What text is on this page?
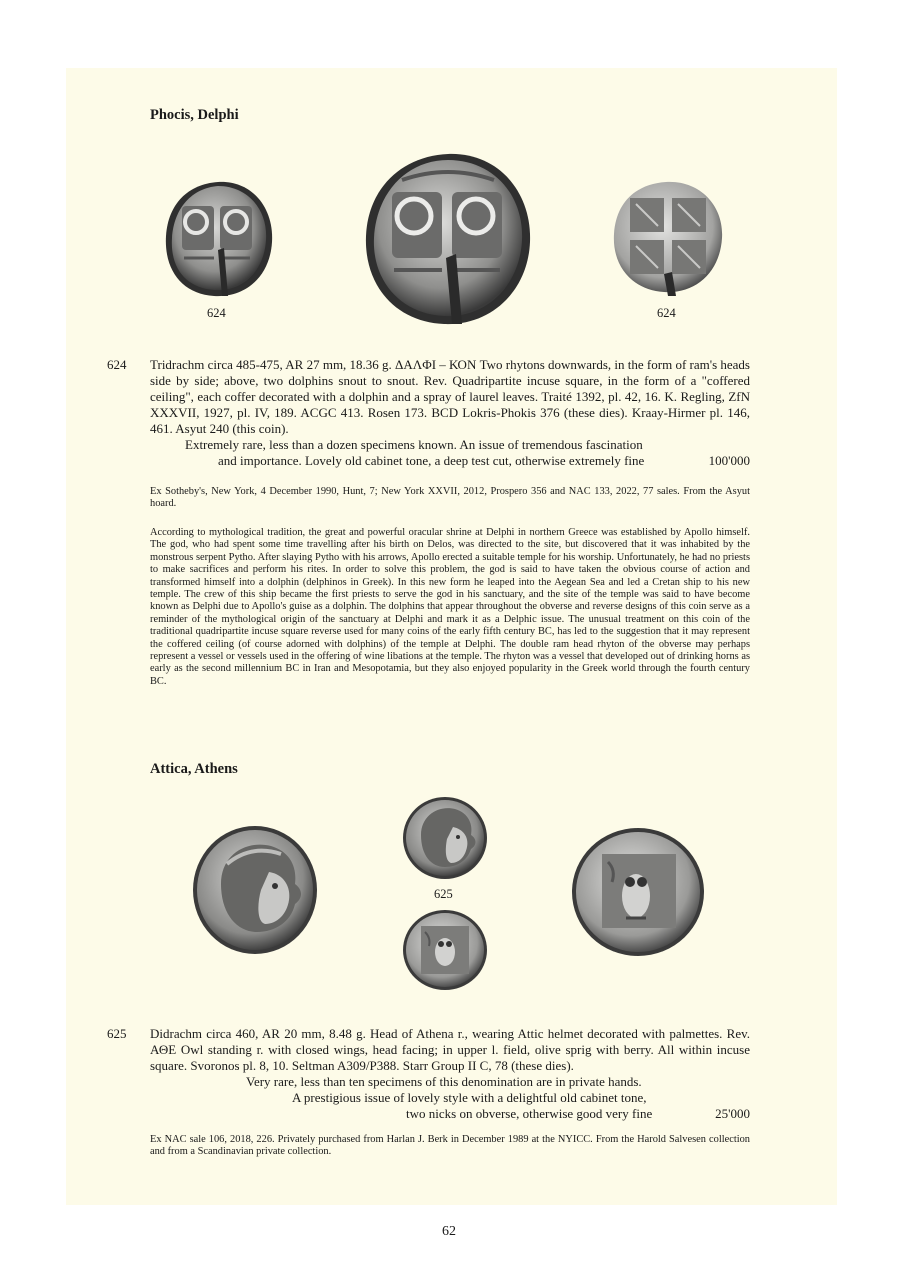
Phocis, Delphi
624	624
624 Tridrachm circa 485-475, AR 27 mm, 18.36 g. ΔΑΛΦΙ – ΚΟΝ Two rhytons downwards, in the form of ram's heads side by side; above, two dolphins snout to snout. Rev. Quadripartite incuse square, in the form of a "coffered ceiling", each coffer decorated with a dolphin and a spray of laurel leaves. Traité 1392, pl. 42, 16. K. Regling, ZfN XXXVII, 1927, pl. IV, 189. ACGC 413. Rosen 173. BCD Lokris-Phokis 376 (these dies). Kraay-Hirmer pl. 146, 461. Asyut 240 (this coin).
Extremely rare, less than a dozen specimens known. An issue of tremendous fascination
and importance. Lovely old cabinet tone, a deep test cut, otherwise extremely fine	100'000
Ex Sotheby's, New York, 4 December 1990, Hunt, 7; New York XXVII, 2012, Prospero 356 and NAC 133, 2022, 77 sales. From the Asyut hoard.
According to mythological tradition, the great and powerful oracular shrine at Delphi in northern Greece was established by Apollo himself. The god, who had spent some time travelling after his birth on Delos, was directed to the site, but discovered that it was inhabited by the monstrous serpent Pytho. After slaying Pytho with his arrows, Apollo erected a suitable temple for his worship. Unfortunately, he had no priests to make sacrifices and perform his rites. In order to solve this problem, the god is said to have taken the obvious course of action and transformed himself into a dolphin (delphinos in Greek). In this new form he leaped into the Aegean Sea and led a Cretan ship to his new temple. The crew of this ship became the first priests to serve the god in his sanctuary, and the site of the temple was said to have become known as Delphi due to Apollo's guise as a dolphin. The dolphins that appear throughout the obverse and reverse designs of this coin serve as a reminder of the mythological origin of the sanctuary at Delphi and mark it as a Delphic issue. The unusual treatment on this coin of the traditional quadripartite incuse square reverse used for many coins of the early fifth century BC, has led to the suggestion that it may represent the coffered ceiling (of course adorned with dolphins) of the temple at Delphi. The double ram head rhyton of the obverse may perhaps represent a vessel or vessels used in the offering of wine libations at the temple. The rhyton was a vessel that developed out of drinking horns as early as the second millennium BC in Iran and Mesopotamia, but they also enjoyed popularity in the Greek world through the fourth century BC.
Attica, Athens
625
625 Didrachm circa 460, AR 20 mm, 8.48 g. Head of Athena r., wearing Attic helmet decorated with palmettes. Rev. ΑΘΕ Owl standing r. with closed wings, head facing; in upper l. field, olive sprig with berry. All within incuse square. Svoronos pl. 8, 10. Seltman A309/P388. Starr Group II C, 78 (these dies).
Very rare, less than ten specimens of this denomination are in private hands.
A prestigious issue of lovely style with a delightful old cabinet tone,
two nicks on obverse, otherwise good very fine	25'000
Ex NAC sale 106, 2018, 226. Privately purchased from Harlan J. Berk in December 1989 at the NYICC. From the Harold Salvesen collection and from a Scandinavian private collection.
62
